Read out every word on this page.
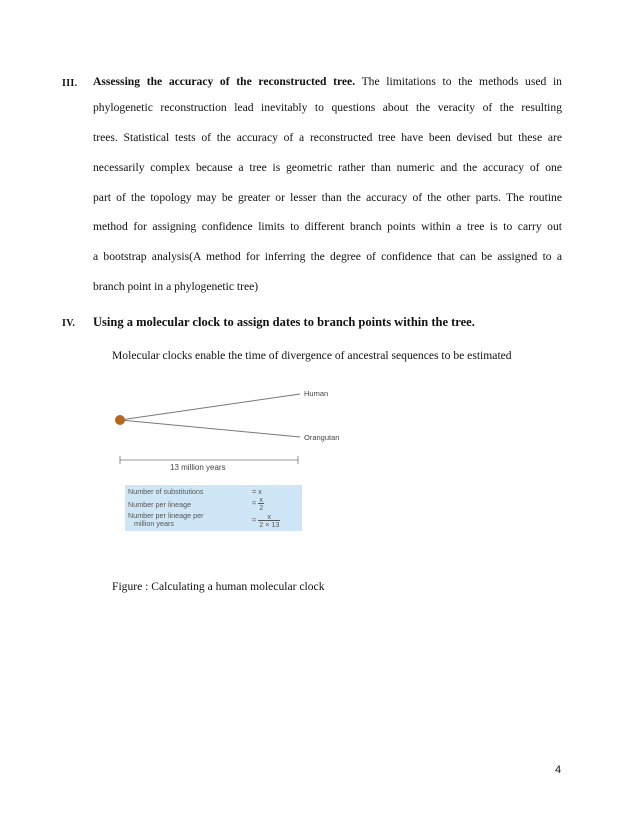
III. Assessing the accuracy of the reconstructed tree. The limitations to the methods used in
phylogenetic reconstruction lead inevitably to questions about the veracity of the resulting
trees. Statistical tests of the accuracy of a reconstructed tree have been devised but these are
necessarily complex because a tree is geometric rather than numeric and the accuracy of one
part of the topology may be greater or lesser than the accuracy of the other parts. The routine
method for assigning confidence limits to different branch points within a tree is to carry out
a bootstrap analysis(A method for inferring the degree of confidence that can be assigned to a
branch point in a phylogenetic tree)
IV. Using a molecular clock to assign dates to branch points within the tree.
Molecular clocks enable the time of divergence of ancestral sequences to be estimated
Human
Orangutan
13 million years
Number of substitutions	= x
Number per lineage	= $\frac{x}{2}$
Number per lineage per
million years	= $\frac{x}{2 \times 13}$
Figure : Calculating a human molecular clock
4
